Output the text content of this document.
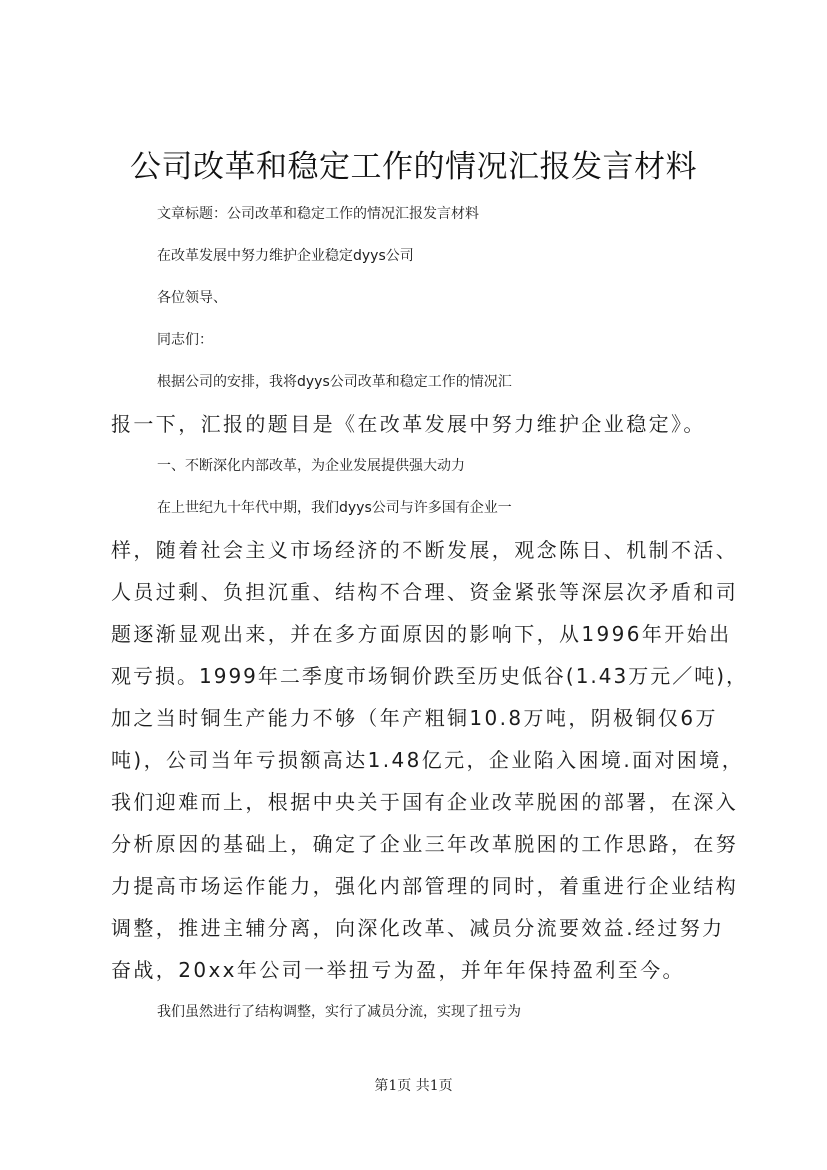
公司改革和稳定工作的情况汇报发言材料
文章标题：公司改革和稳定工作的情况汇报发言材料
在改革发展中努力维护企业稳定dyys公司
各位领导、
同志们：
根据公司的安排，我将dyys公司改革和稳定工作的情况汇
报一下，汇报的题目是《在改革发展中努力维护企业稳定》。
一、不断深化内部改革，为企业发展提供强大动力
在上世纪九十年代中期，我们dyys公司与许多国有企业一
样，随着社会主义市场经济的不断发展，观念陈日、机制不活、
人员过剩、负担沉重、结构不合理、资金紧张等深层次矛盾和司
题逐渐显观出来，并在多方面原因的影响下，从1996年开始出
观亏损。1999年二季度市场铜价跌至历史低谷(1.43万元／吨)，
加之当时铜生产能力不够（年产粗铜10.8万吨，阴极铜仅6万
吨)，公司当年亏损额高达1.48亿元，企业陷入困境.面对困境，
我们迎难而上，根据中央关于国有企业改苹脱困的部署，在深入
分析原因的基础上，确定了企业三年改革脱困的工作思路，在努
力提高市场运作能力，强化内部管理的同时，着重进行企业结构
调整，推进主辅分离，向深化改革、减员分流要效益.经过努力
奋战，20xx年公司一举扭亏为盈，并年年保持盈利至今。
我们虽然进行了结构调整，实行了减员分流，实现了扭亏为
第1页 共1页
